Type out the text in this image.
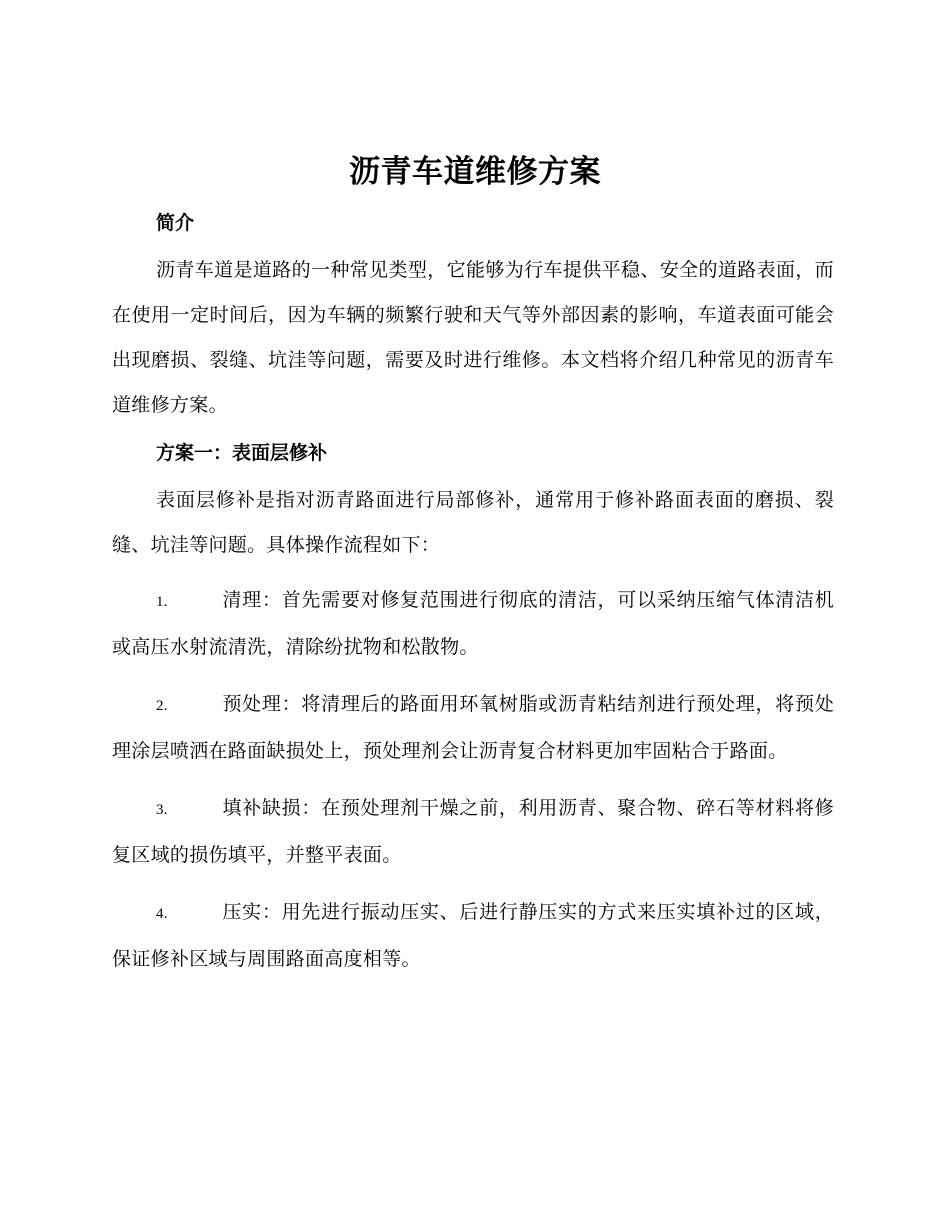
沥青车道维修方案

简介

沥青车道是道路的一种常见类型，它能够为行车提供平稳、安全的道路表面，而在使用一定时间后，因为车辆的频繁行驶和天气等外部因素的影响，车道表面可能会出现磨损、裂缝、坑洼等问题，需要及时进行维修。本文档将介绍几种常见的沥青车道维修方案。

方案一：表面层修补

表面层修补是指对沥青路面进行局部修补，通常用于修补路面表面的磨损、裂缝、坑洼等问题。具体操作流程如下：

1.	清理：首先需要对修复范围进行彻底的清洁，可以采纳压缩气体清洁机或高压水射流清洗，清除纷扰物和松散物。

2.	预处理：将清理后的路面用环氧树脂或沥青粘结剂进行预处理，将预处理涂层喷洒在路面缺损处上，预处理剂会让沥青复合材料更加牢固粘合于路面。

3.	填补缺损：在预处理剂干燥之前，利用沥青、聚合物、碎石等材料将修复区域的损伤填平，并整平表面。

4.	压实：用先进行振动压实、后进行静压实的方式来压实填补过的区域，保证修补区域与周围路面高度相等。
